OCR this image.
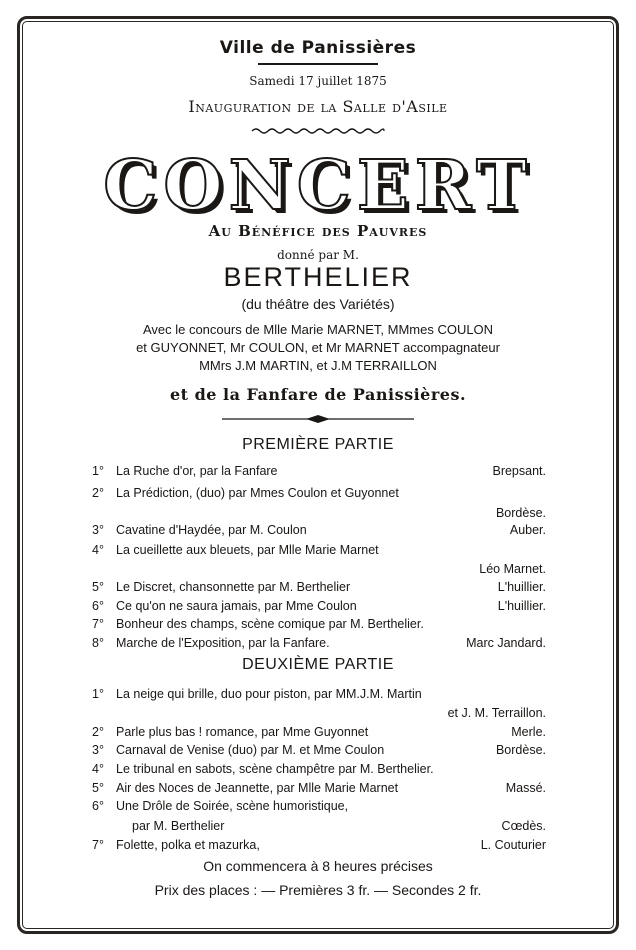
Ville de Panissières
Samedi 17 juillet 1875
Inauguration de la Salle d'Asile
CONCERT
Au Bénéfice des Pauvres
donné par M.
BERTHELIER
(du théâtre des Variétés)
Avec le concours de Mlle Marie MARNET, MMmes COULON
et GUYONNET, Mr COULON, et Mr MARNET accompagnateur
MMrs J.M MARTIN, et J.M TERRAILLON
et de la Fanfare de Panissières.
PREMIÈRE PARTIE
1° La Ruche d'or, par la Fanfare	Brepsant.
2° La Prédiction, (duo) par Mmes Coulon et Guyonnet
Bordèse.
3° Cavatine d'Haydée, par M. Coulon	Auber.
4° La cueillette aux bleuets, par Mlle Marie Marnet
Léo Marnet.
5° Le Discret, chansonnette par M. Berthelier	L'huillier.
6° Ce qu'on ne saura jamais, par Mme Coulon	L'huillier.
7° Bonheur des champs, scène comique par M. Berthelier.
8° Marche de l'Exposition, par la Fanfare.	Marc Jandard.
DEUXIÈME PARTIE
1° La neige qui brille, duo pour piston, par MM.J.M. Martin
et J. M. Terraillon.
2° Parle plus bas ! romance, par Mme Guyonnet	Merle.
3° Carnaval de Venise (duo) par M. et Mme Coulon	Bordèse.
4° Le tribunal en sabots, scène champêtre par M. Berthelier.
5° Air des Noces de Jeannette, par Mlle Marie Marnet	Massé.
6° Une Drôle de Soirée, scène humoristique,
par M. Berthelier	Cœdès.
7° Folette, polka et mazurka,	L. Couturier
On commencera à 8 heures précises
Prix des places : — Premières 3 fr. — Secondes 2 fr.
